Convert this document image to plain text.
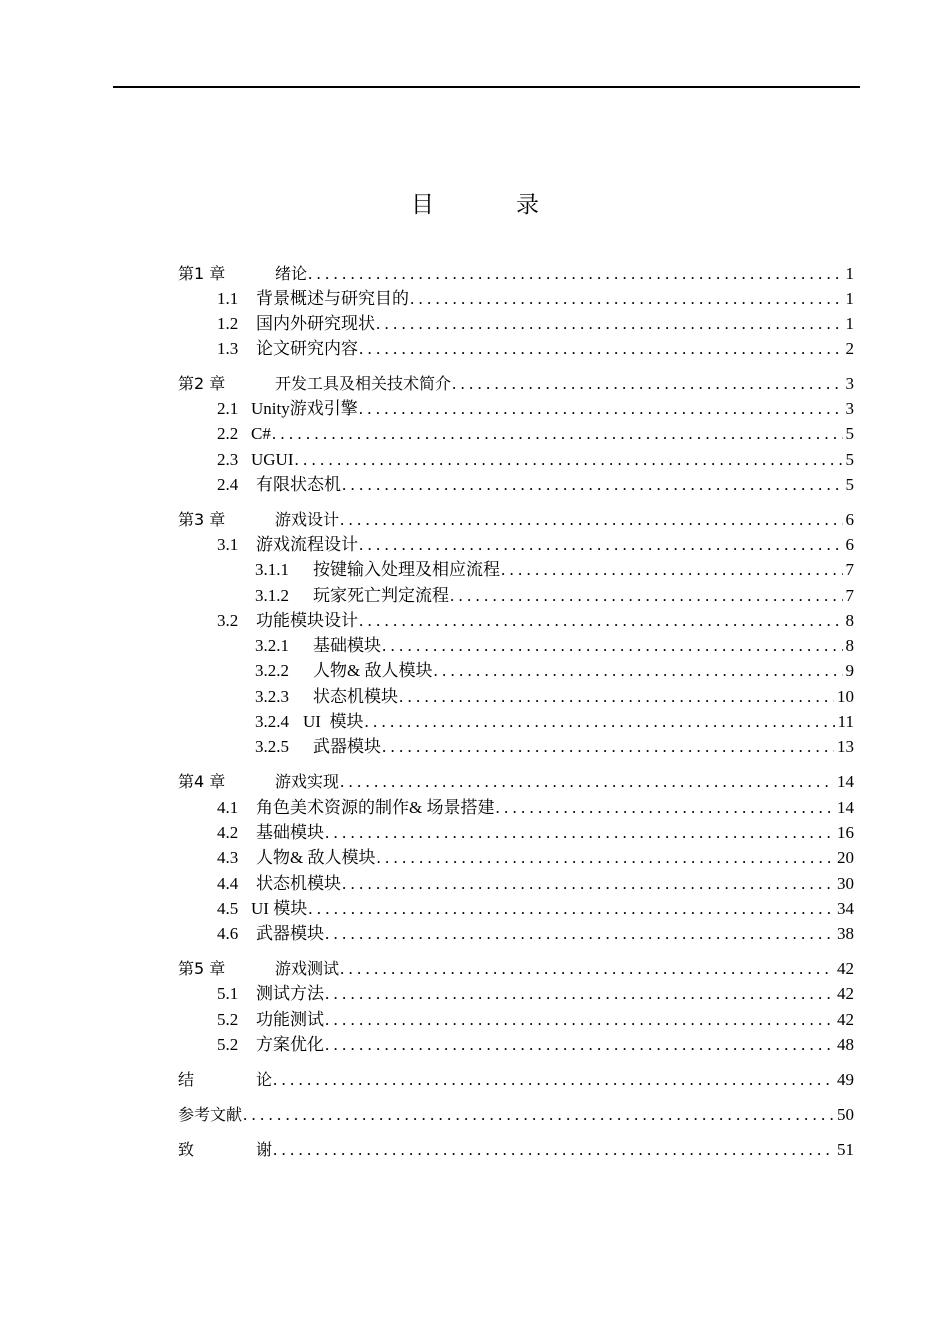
目	录
第1 章	绪论 . . .	1
1.1	背景概述与研究目的 . . .	1
1.2	国内外研究现状 . . .	1
1.3	论文研究内容 . . .	2
第2 章	开发工具及相关技术简介 . . .	3
2.1 Unity游戏引擎 . . .	3
2.2 C# . . .	5
2.3 UGUI . . .	5
2.4	有限状态机 . . .	5
第3 章	游戏设计 . . .	6
3.1	游戏流程设计 . . .	6
3.1.1	按键输入处理及相应流程 . . .	7
3.1.2	玩家死亡判定流程 . . .	7
3.2	功能模块设计 . . .	8
3.2.1	基础模块 . . .	8
3.2.2	人物& 敌人模块 . . .	9
3.2.3	状态机模块 . . .	10
3.2.4 UI  模块 . . .	11
3.2.5	武器模块 . . .	13
第4 章	游戏实现 . . .	14
4.1	角色美术资源的制作& 场景搭建 . . .	14
4.2	基础模块 . . .	16
4.3	人物& 敌人模块 . . .	20
4.4	状态机模块 . . .	30
4.5 UI 模块 . . .	34
4.6	武器模块 . . .	38
第5 章	游戏测试 . . .	42
5.1	测试方法 . . .	42
5.2	功能测试 . . .	42
5.2	方案优化 . . .	48
结	论 . . .	49
参考文献 . . .	50
致	谢 . . .	51
